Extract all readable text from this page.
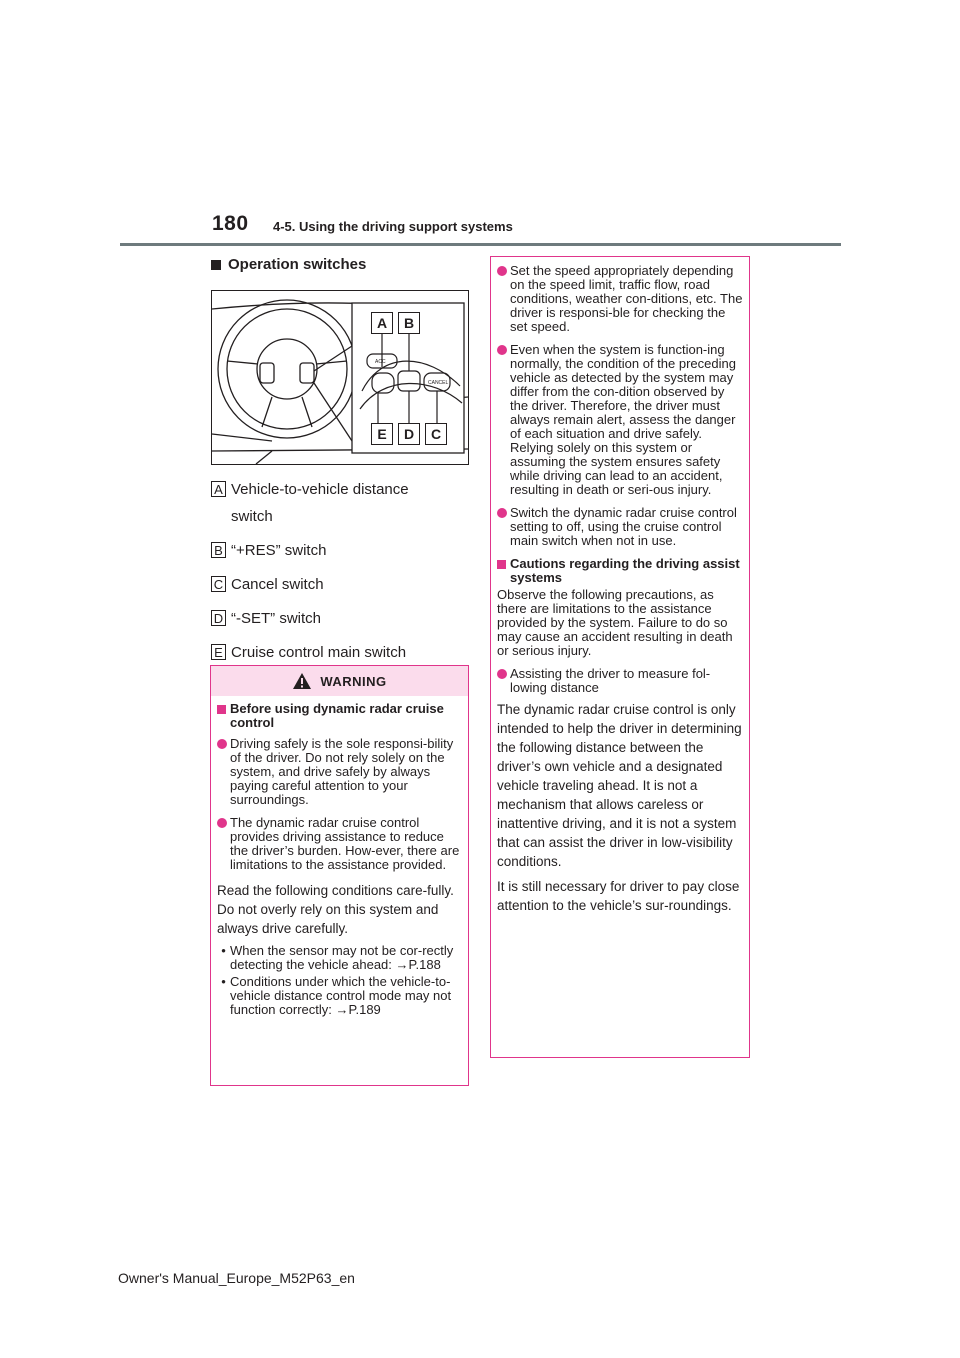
180 4-5. Using the driving support systems
Operation switches
ACC
CANCEL
A	B
E	D	C
A Vehicle-to-vehicle distance switch
B “+RES” switch
C Cancel switch
D “-SET” switch
E Cruise control main switch
WARNING
Before using dynamic radar cruise control
Driving safely is the sole responsi-bility of the driver. Do not rely solely on the system, and drive safely by always paying careful attention to your surroundings.
The dynamic radar cruise control provides driving assistance to reduce the driver’s burden. How-ever, there are limitations to the assistance provided.
Read the following conditions care-fully. Do not overly rely on this system and always drive carefully.
• When the sensor may not be cor-rectly detecting the vehicle ahead: →P.188
• Conditions under which the vehicle-to-vehicle distance control mode may not function correctly: →P.189
Set the speed appropriately depending on the speed limit, traffic flow, road conditions, weather con-ditions, etc. The driver is responsi-ble for checking the set speed.
Even when the system is function-ing normally, the condition of the preceding vehicle as detected by the system may differ from the con-dition observed by the driver. Therefore, the driver must always remain alert, assess the danger of each situation and drive safely. Relying solely on this system or assuming the system ensures safety while driving can lead to an accident, resulting in death or seri-ous injury.
Switch the dynamic radar cruise control setting to off, using the cruise control main switch when not in use.
Cautions regarding the driving assist systems
Observe the following precautions, as there are limitations to the assistance provided by the system. Failure to do so may cause an accident resulting in death or serious injury.
Assisting the driver to measure fol-lowing distance
The dynamic radar cruise control is only intended to help the driver in determining the following distance between the driver’s own vehicle and a designated vehicle traveling ahead. It is not a mechanism that allows careless or inattentive driving, and it is not a system that can assist the driver in low-visibility conditions.
It is still necessary for driver to pay close attention to the vehicle’s sur-roundings.
Owner's Manual_Europe_M52P63_en
